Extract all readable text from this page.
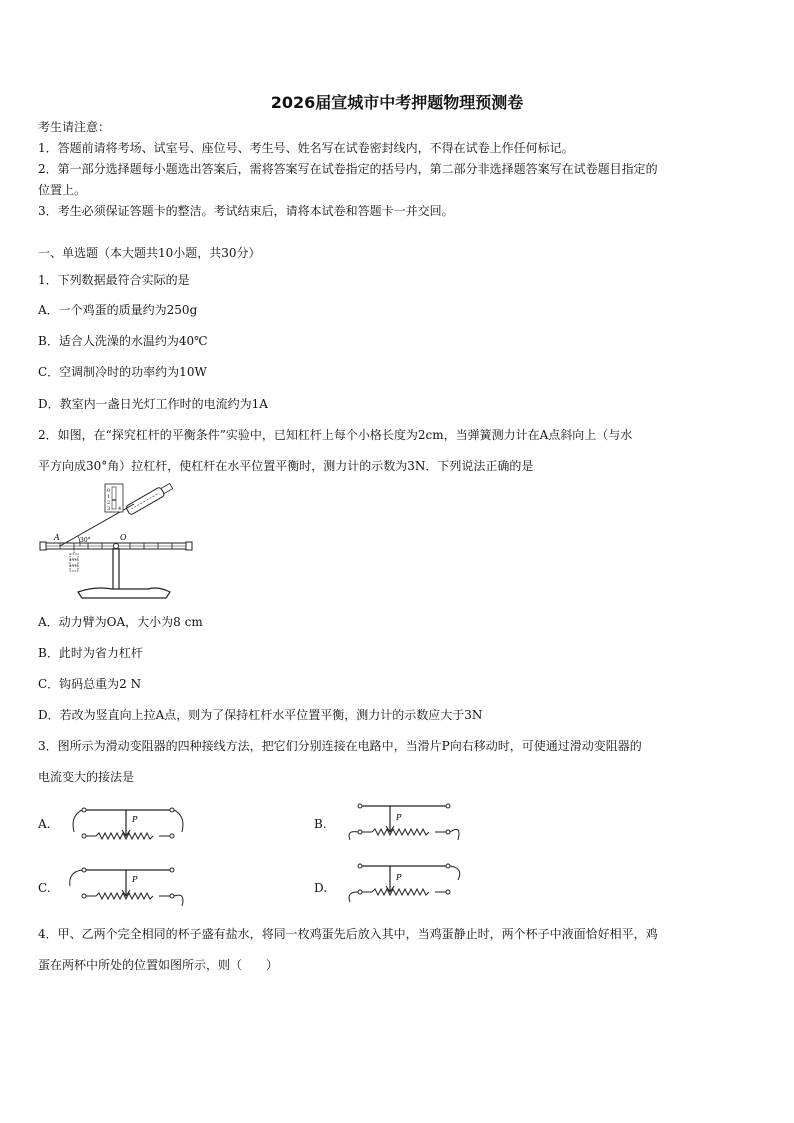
2026届宣城市中考押题物理预测卷
考生请注意：
1．答题前请将考场、试室号、座位号、考生号、姓名写在试卷密封线内，不得在试卷上作任何标记。
2．第一部分选择题每小题选出答案后，需将答案写在试卷指定的括号内，第二部分非选择题答案写在试卷题目指定的
位置上。
3．考生必须保证答题卡的整洁。考试结束后，请将本试卷和答题卡一并交回。
一、单选题（本大题共10小题，共30分）
1．下列数据最符合实际的是
A．一个鸡蛋的质量约为250g
B．适合人洗澡的水温约为40℃
C．空调制冷时的功率约为10W
D．教室内一盏日光灯工作时的电流约为1A
2．如图，在“探究杠杆的平衡条件”实验中，已知杠杆上每个小格长度为2cm，当弹簧测力计在A点斜向上（与水
平方向成30°角）拉杠杆，使杠杆在水平位置平衡时，测力计的示数为3N．下列说法正确的是
O
A	30°
0
1
2
3 4
A．动力臂为OA，大小为8 cm
B．此时为省力杠杆
C．钩码总重为2 N
D．若改为竖直向上拉A点，则为了保持杠杆水平位置平衡，测力计的示数应大于3N
3．图所示为滑动变阻器的四种接线方法，把它们分别连接在电路中，当滑片P向右移动时，可使通过滑动变阻器的
电流变大的接法是
A.	B.
C.	D.
P	P
P	P
4．甲、乙两个完全相同的杯子盛有盐水，将同一枚鸡蛋先后放入其中，当鸡蛋静止时，两个杯子中液面恰好相平，鸡
蛋在两杯中所处的位置如图所示，则（　　）
